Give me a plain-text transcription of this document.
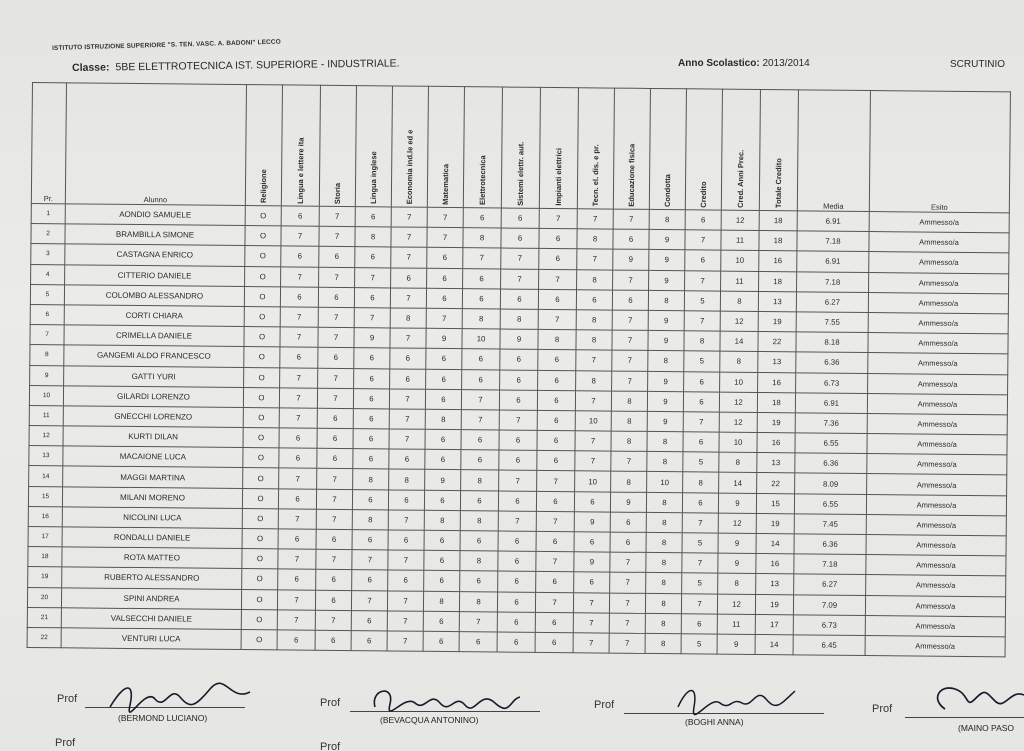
ISTITUTO ISTRUZIONE SUPERIORE "S. TEN. VASC. A. BADONI" LECCO
Classe: 5BE ELETTROTECNICA IST. SUPERIORE - INDUSTRIALE.	Anno Scolastico: 2013/2014	SCRUTINIO
Pr.	Alunno	Religione	Lingua e lettere ita	Storia	Lingua inglese	Economia ind.le ed e	Matematica	Elettrotecnica	Sistemi elettr. aut.	Impianti elettrici	Tecn. el. dis. e pr.	Educazione fisica	Condotta	Credito	Cred. Anni Prec.	Totale Credito	Media	Esito
1	AONDIO SAMUELE	O	6	7	6	7	7	6	6	7	7	7	8	6	12	18	6.91	Ammesso/a
2	BRAMBILLA SIMONE	O	7	7	8	7	7	8	6	6	8	6	9	7	11	18	7.18	Ammesso/a
3	CASTAGNA ENRICO	O	6	6	6	7	6	7	7	6	7	9	9	6	10	16	6.91	Ammesso/a
4	CITTERIO DANIELE	O	7	7	7	6	6	6	7	7	8	7	9	7	11	18	7.18	Ammesso/a
5	COLOMBO ALESSANDRO	O	6	6	6	7	6	6	6	6	6	6	8	5	8	13	6.27	Ammesso/a
6	CORTI CHIARA	O	7	7	7	8	7	8	8	7	8	7	9	7	12	19	7.55	Ammesso/a
7	CRIMELLA DANIELE	O	7	7	9	7	9	10	9	8	8	7	9	8	14	22	8.18	Ammesso/a
8	GANGEMI ALDO FRANCESCO	O	6	6	6	6	6	6	6	6	7	7	8	5	8	13	6.36	Ammesso/a
9	GATTI YURI	O	7	7	6	6	6	6	6	6	8	7	9	6	10	16	6.73	Ammesso/a
10	GILARDI LORENZO	O	7	7	6	7	6	7	6	6	7	8	9	6	12	18	6.91	Ammesso/a
11	GNECCHI LORENZO	O	7	6	6	7	8	7	7	6	10	8	9	7	12	19	7.36	Ammesso/a
12	KURTI DILAN	O	6	6	6	7	6	6	6	6	7	8	8	6	10	16	6.55	Ammesso/a
13	MACAIONE LUCA	O	6	6	6	6	6	6	6	6	7	7	8	5	8	13	6.36	Ammesso/a
14	MAGGI MARTINA	O	7	7	8	8	9	8	7	7	10	8	10	8	14	22	8.09	Ammesso/a
15	MILANI MORENO	O	6	7	6	6	6	6	6	6	6	9	8	6	9	15	6.55	Ammesso/a
16	NICOLINI LUCA	O	7	7	8	7	8	8	7	7	9	6	8	7	12	19	7.45	Ammesso/a
17	RONDALLI DANIELE	O	6	6	6	6	6	6	6	6	6	6	8	5	9	14	6.36	Ammesso/a
18	ROTA MATTEO	O	7	7	7	7	6	8	6	7	9	7	8	7	9	16	7.18	Ammesso/a
19	RUBERTO ALESSANDRO	O	6	6	6	6	6	6	6	6	6	7	8	5	8	13	6.27	Ammesso/a
20	SPINI ANDREA	O	7	6	7	7	8	8	6	7	7	7	8	7	12	19	7.09	Ammesso/a
21	VALSECCHI DANIELE	O	7	7	6	7	6	7	6	6	7	7	8	6	11	17	6.73	Ammesso/a
22	VENTURI LUCA	O	6	6	6	7	6	6	6	6	7	7	8	5	9	14	6.45	Ammesso/a
Prof
(BERMOND LUCIANO)
Prof
(BEVACQUA ANTONINO)
Prof
(BOGHI ANNA)
Prof
(MAINO PASO
Prof	Prof
